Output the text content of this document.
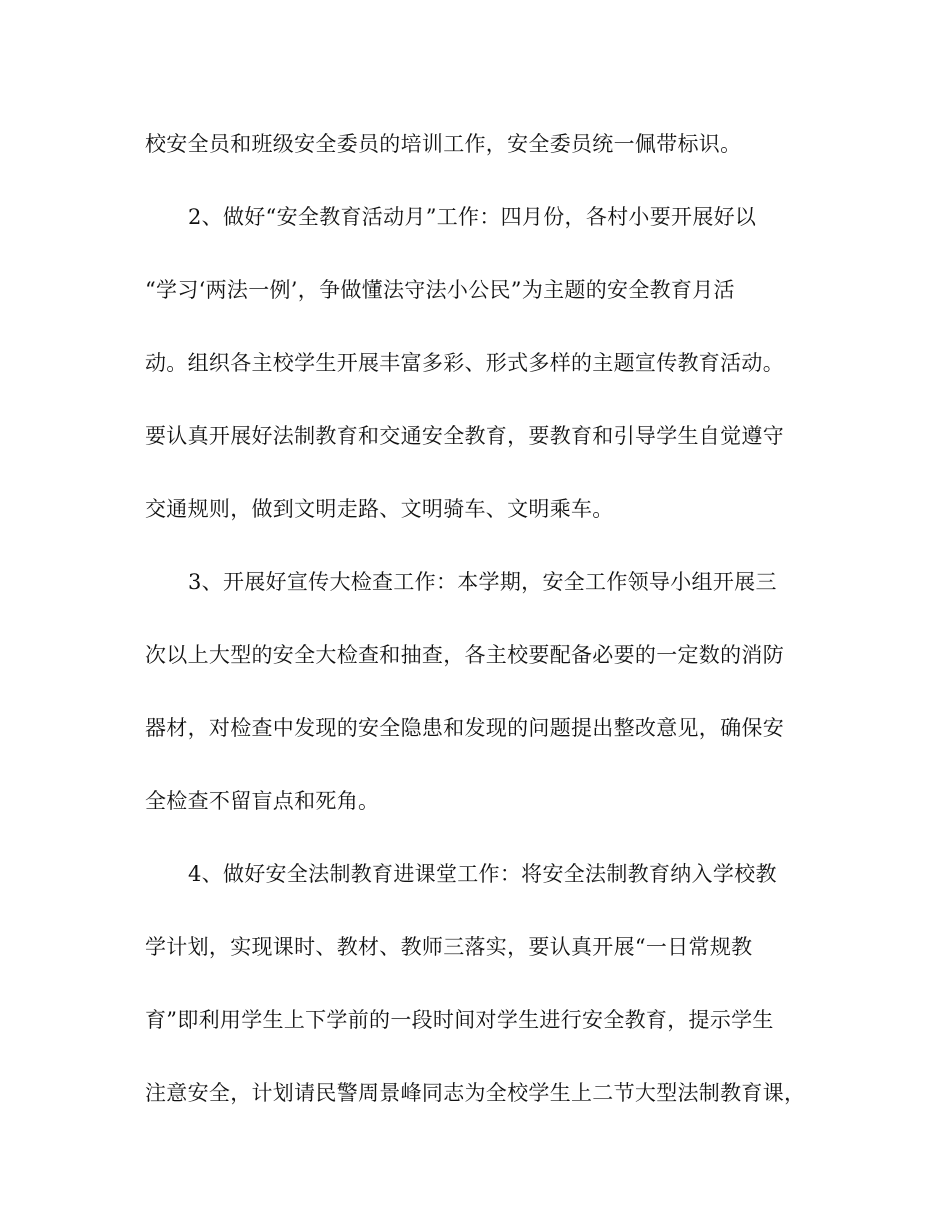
校安全员和班级安全委员的培训工作，安全委员统一佩带标识。
2、做好“安全教育活动月”工作：四月份，各村小要开展好以
“学习‘两法一例’，争做懂法守法小公民”为主题的安全教育月活
动。组织各主校学生开展丰富多彩、形式多样的主题宣传教育活动。
要认真开展好法制教育和交通安全教育，要教育和引导学生自觉遵守
交通规则，做到文明走路、文明骑车、文明乘车。
3、开展好宣传大检查工作：本学期，安全工作领导小组开展三
次以上大型的安全大检查和抽查，各主校要配备必要的一定数的消防
器材，对检查中发现的安全隐患和发现的问题提出整改意见，确保安
全检查不留盲点和死角。
4、做好安全法制教育进课堂工作：将安全法制教育纳入学校教
学计划，实现课时、教材、教师三落实，要认真开展“一日常规教
育”即利用学生上下学前的一段时间对学生进行安全教育，提示学生
注意安全，计划请民警周景峰同志为全校学生上二节大型法制教育课，
